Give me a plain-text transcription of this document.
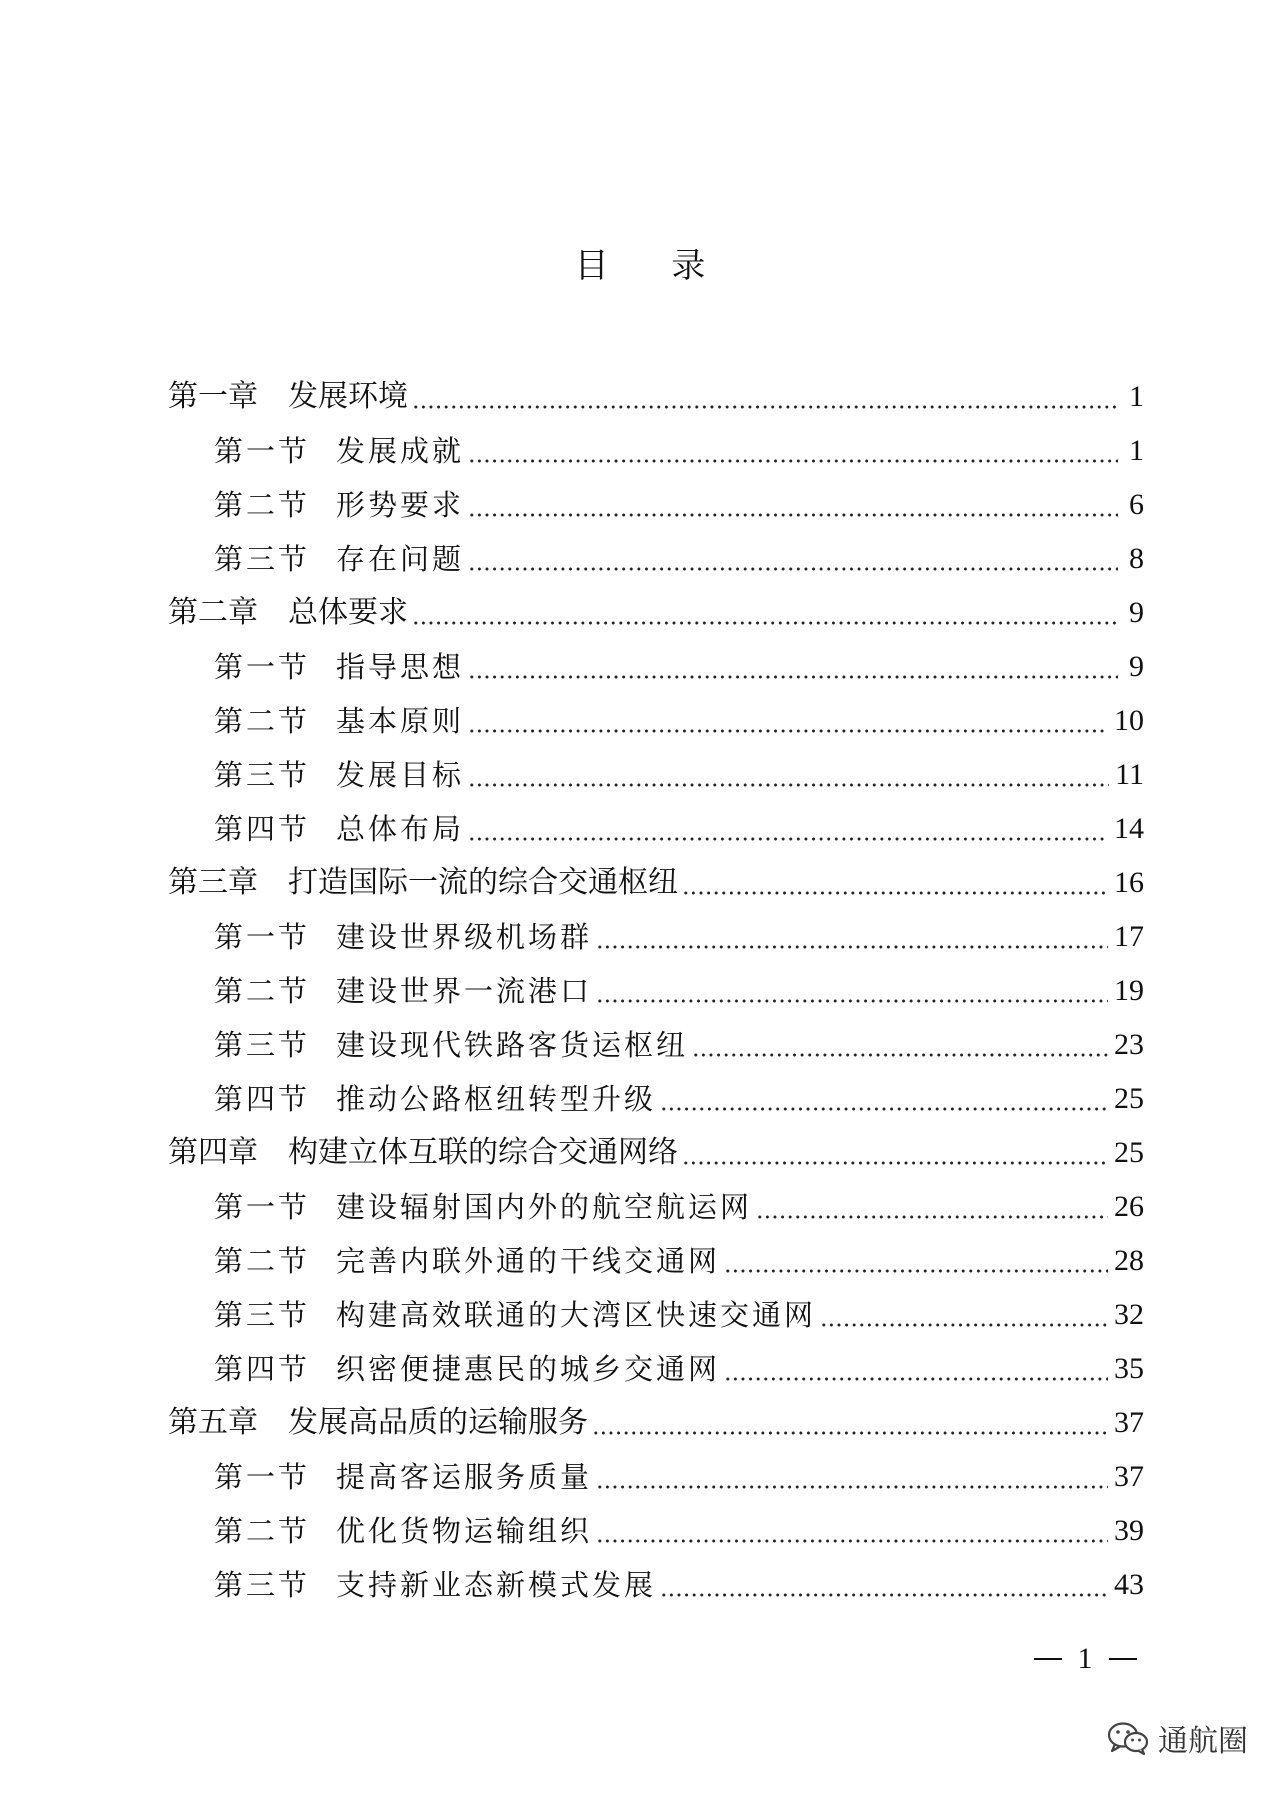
目 录
第一章	发展环境	1
第一节 发展成就	1
第二节 形势要求	6
第三节 存在问题	8
第二章	总体要求	9
第一节 指导思想	9
第二节 基本原则	10
第三节 发展目标	11
第四节 总体布局	14
第三章	打造国际一流的综合交通枢纽	16
第一节 建设世界级机场群	17
第二节 建设世界一流港口	19
第三节 建设现代铁路客货运枢纽	23
第四节 推动公路枢纽转型升级	25
第四章	构建立体互联的综合交通网络	25
第一节 建设辐射国内外的航空航运网	26
第二节 完善内联外通的干线交通网	28
第三节 构建高效联通的大湾区快速交通网	32
第四节 织密便捷惠民的城乡交通网	35
第五章	发展高品质的运输服务	37
第一节 提高客运服务质量	37
第二节 优化货物运输组织	39
第三节 支持新业态新模式发展	43
1
通航圈
